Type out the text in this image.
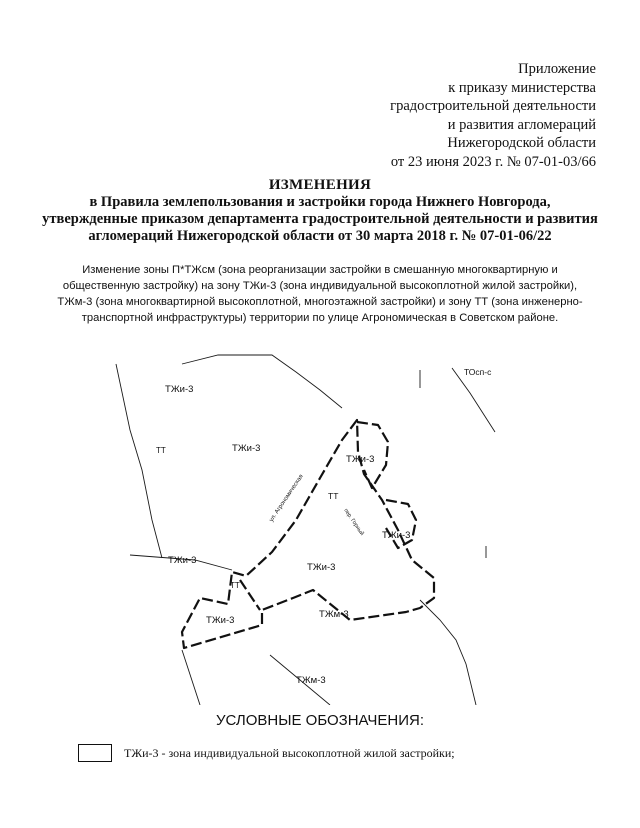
Приложение
к приказу министерства
градостроительной деятельности
и развития агломераций
Нижегородской области
от 23 июня 2023 г. № 07-01-03/66
ИЗМЕНЕНИЯ
в Правила землепользования и застройки города Нижнего Новгорода, утвержденные приказом департамента градостроительной деятельности и развития агломераций Нижегородской области от 30 марта 2018 г. № 07-01-06/22
Изменение зоны П*ТЖсм (зона реорганизации застройки в смешанную многоквартирную и общественную застройку) на зону ТЖи-3 (зона индивидуальной высокоплотной жилой застройки), ТЖм-3 (зона многоквартирной высокоплотной, многоэтажной застройки) и зону ТТ (зона инженерно-транспортной инфраструктуры) территории по улице Агрономическая в Советском районе.
ТЖи-3
ТЖи-3
ТТ
ТЖи-3
ТТ
ТЖи-3
ТЖи-3
ТЖи-3
ТТ
ТЖи-3
ТЖм-3
ТЖм-3
ТОсп-с
ул. Агрономическая	пер. Горный
УСЛОВНЫЕ ОБОЗНАЧЕНИЯ:
ТЖи-3 - зона индивидуальной высокоплотной жилой застройки;
